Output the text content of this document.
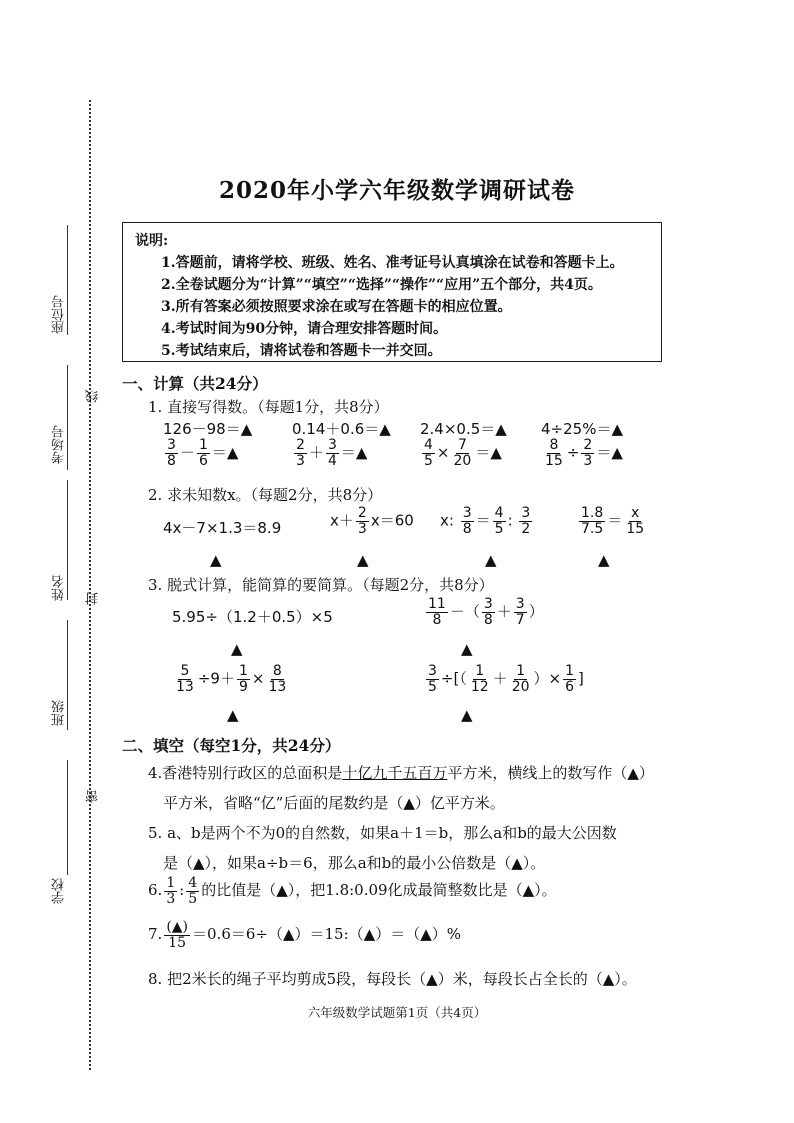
2020年小学六年级数学调研试卷
说明:
1.答题前，请将学校、班级、姓名、准考证号认真填涂在试卷和答题卡上。
2.全卷试题分为“计算”“填空”“选择”“操作”“应用”五个部分，共4页。
3.所有答案必须按照要求涂在或写在答题卡的相应位置。
4.考试时间为90分钟，请合理安排答题时间。
5.考试结束后，请将试卷和答题卡一并交回。
座位号
考场号
姓名
班级
学校
线
封
密
一、计算（共24分）
1. 直接写得数。（每题1分，共8分）
126－98＝▲	0.14＋0.6＝▲ 2.4×0.5＝▲ 4÷25%＝▲
$\frac{3}{8} - \frac{1}{6}$ ＝▲	$\frac{2}{3} + \frac{3}{4}$ ＝▲	$\frac{4}{5} \times \frac{7}{20}$ ＝▲	$\frac{8}{15} \div \frac{2}{3}$ ＝▲
2. 求未知数x。（每题2分，共8分）
4x－7×1.3＝8.9	$x+ \frac{2}{3} x=60$ x: $\frac{3}{8} = \frac{4}{5}$ : $\frac{3}{2}$	$\frac{1.8}{7.5} = \frac{x}{15}$
▲	▲	▲	▲
3. 脱式计算，能简算的要简算。（每题2分，共8分）
5.95÷（1.2＋0.5）×5	$\frac{11}{8}$ －（ $\frac{3}{8} + \frac{3}{7}$ ）
▲	▲
$\frac{5}{13} \div 9+ \frac{1}{9} \times \frac{8}{13}$	$\frac{3}{5}$ ÷[（ $\frac{1}{12} + \frac{1}{20}$ ）× $\frac{1}{6}$ ]
▲	▲
二、填空（每空1分，共24分）
4.香港特别行政区的总面积是十亿九千五百万平方米，横线上的数写作（▲）
平方米，省略“亿”后面的尾数约是（▲）亿平方米。
5. a、b是两个不为0的自然数，如果a＋1＝b，那么a和b的最大公因数
是（▲），如果a÷b＝6，那么a和b的最小公倍数是（▲）。
6. $\frac{1}{3}$ : $\frac{4}{5}$ 的比值是（▲），把1.8:0.09化成最简整数比是（▲）。
7. $\frac{(▲)}{15}$ ＝0.6＝6÷（▲）＝15:（▲）＝（▲）%
8. 把2米长的绳子平均剪成5段，每段长（▲）米，每段长占全长的（▲）。
六年级数学试题第1页（共4页）
